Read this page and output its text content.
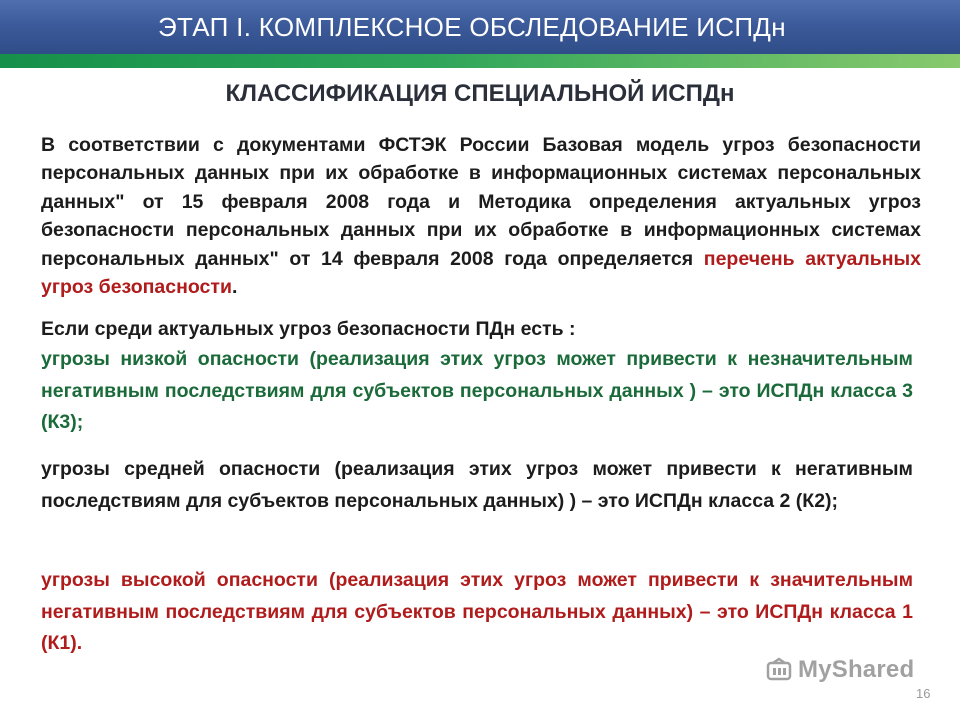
ЭТАП I. КОМПЛЕКСНОЕ ОБСЛЕДОВАНИЕ ИСПДн
КЛАССИФИКАЦИЯ СПЕЦИАЛЬНОЙ ИСПДн
В соответствии с документами ФСТЭК России Базовая модель угроз безопасности персональных данных при их обработке в информационных системах персональных данных" от 15 февраля 2008 года и Методика определения актуальных угроз безопасности персональных данных при их обработке в информационных системах персональных данных" от 14 февраля 2008 года определяется перечень актуальных угроз безопасности.
Если среди актуальных угроз безопасности ПДн есть :
угрозы низкой опасности (реализация этих угроз может привести к незначительным негативным последствиям для субъектов персональных данных ) – это ИСПДн класса 3 (К3);
угрозы средней опасности (реализация этих угроз может привести к негативным последствиям для субъектов персональных данных) ) – это ИСПДн класса 2 (К2);
угрозы высокой опасности (реализация этих угроз может привести к значительным негативным последствиям для субъектов персональных данных) – это ИСПДн класса 1 (К1).
MyShared
16
